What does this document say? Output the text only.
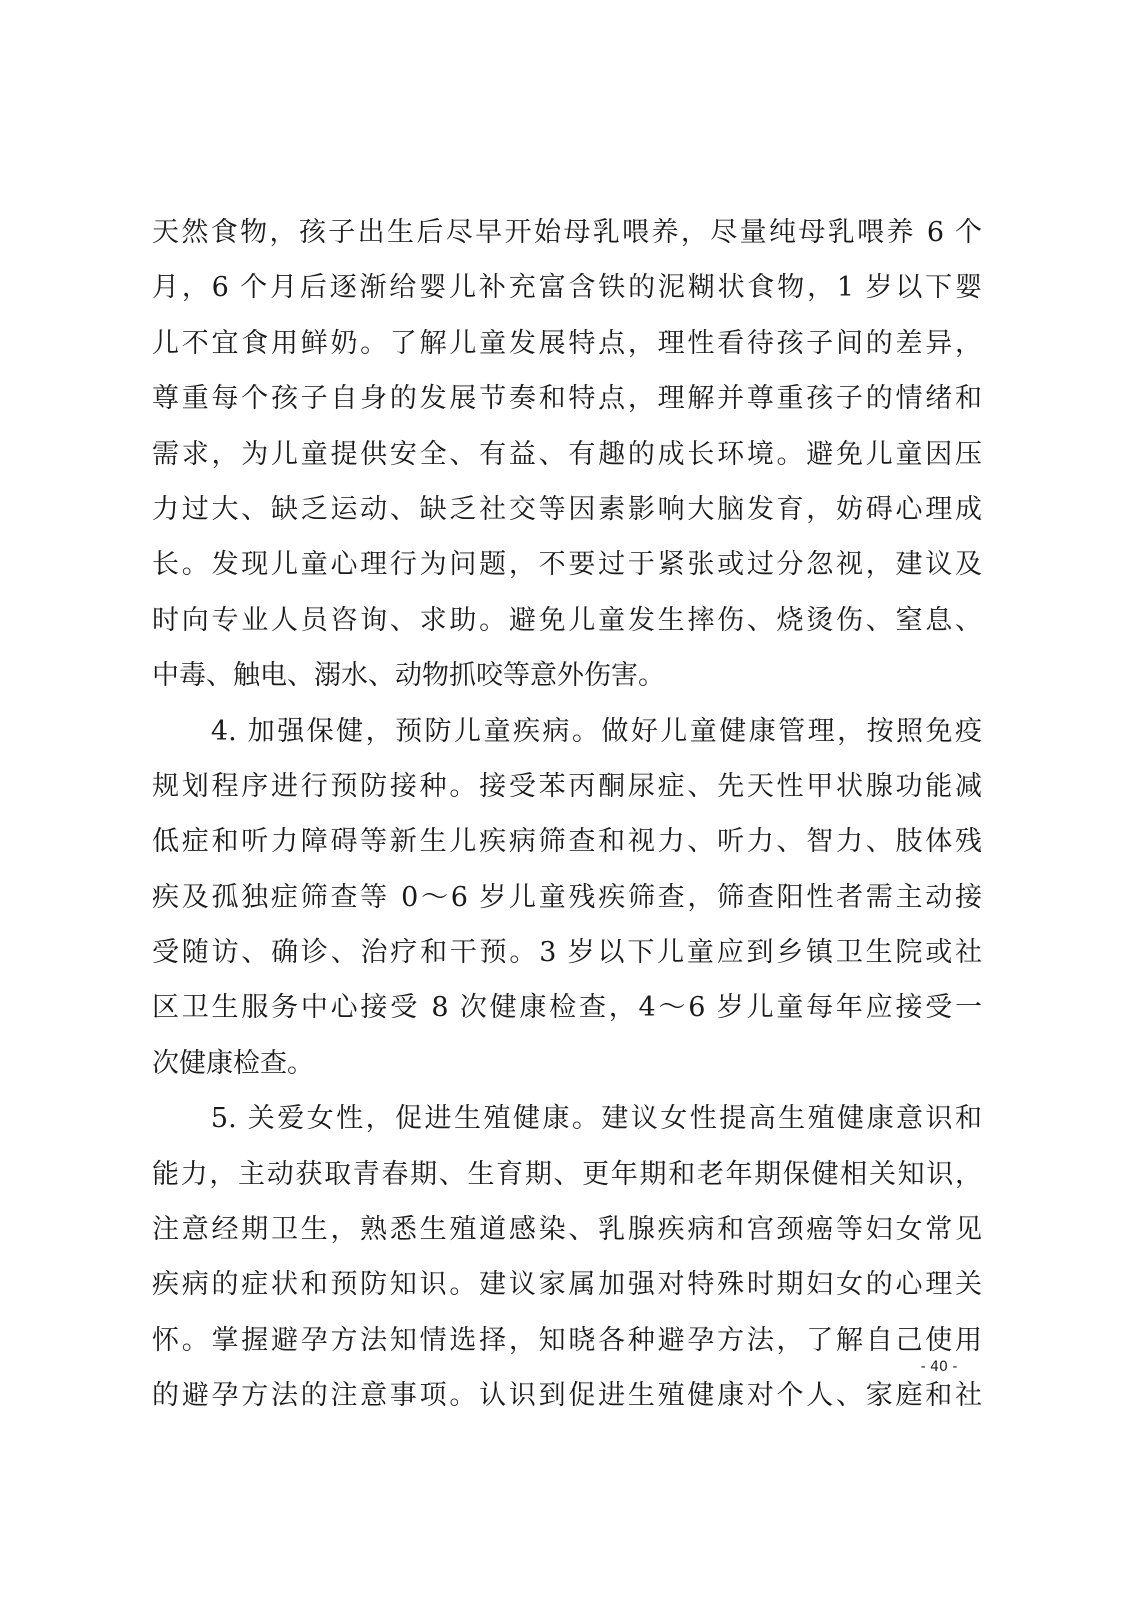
天然食物，孩子出生后尽早开始母乳喂养，尽量纯母乳喂养 6 个
月，6 个月后逐渐给婴儿补充富含铁的泥糊状食物，1 岁以下婴
儿不宜食用鲜奶。了解儿童发展特点，理性看待孩子间的差异，
尊重每个孩子自身的发展节奏和特点，理解并尊重孩子的情绪和
需求，为儿童提供安全、有益、有趣的成长环境。避免儿童因压
力过大、缺乏运动、缺乏社交等因素影响大脑发育，妨碍心理成
长。发现儿童心理行为问题，不要过于紧张或过分忽视，建议及
时向专业人员咨询、求助。避免儿童发生摔伤、烧烫伤、窒息、
中毒、触电、溺水、动物抓咬等意外伤害。
　　4. 加强保健，预防儿童疾病。做好儿童健康管理，按照免疫
规划程序进行预防接种。接受苯丙酮尿症、先天性甲状腺功能减
低症和听力障碍等新生儿疾病筛查和视力、听力、智力、肢体残
疾及孤独症筛查等 0～6 岁儿童残疾筛查，筛查阳性者需主动接
受随访、确诊、治疗和干预。3 岁以下儿童应到乡镇卫生院或社
区卫生服务中心接受 8 次健康检查，4～6 岁儿童每年应接受一
次健康检查。
　　5. 关爱女性，促进生殖健康。建议女性提高生殖健康意识和
能力，主动获取青春期、生育期、更年期和老年期保健相关知识，
注意经期卫生，熟悉生殖道感染、乳腺疾病和宫颈癌等妇女常见
疾病的症状和预防知识。建议家属加强对特殊时期妇女的心理关
怀。掌握避孕方法知情选择，知晓各种避孕方法，了解自己使用
的避孕方法的注意事项。认识到促进生殖健康对个人、家庭和社
- 40 -
